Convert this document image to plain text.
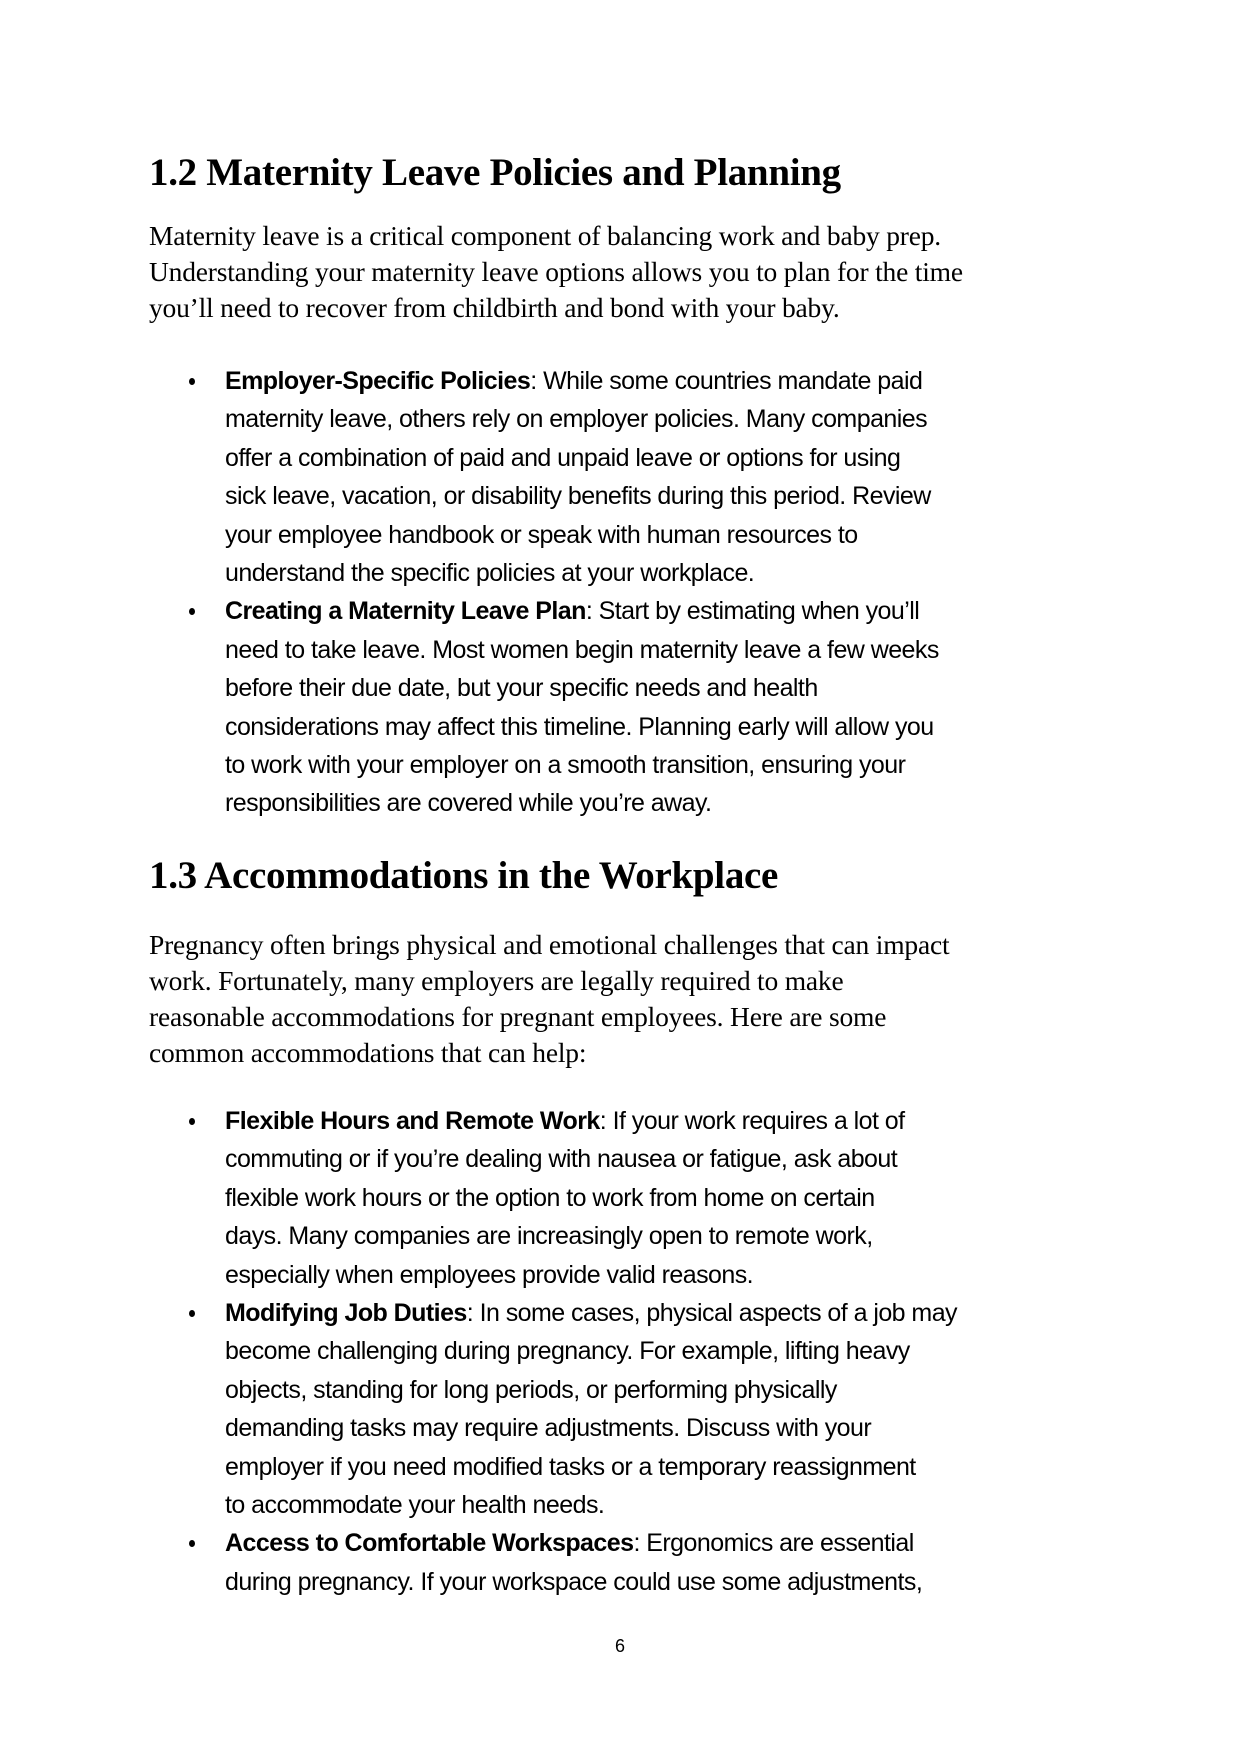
1.2 Maternity Leave Policies and Planning

Maternity leave is a critical component of balancing work and baby prep.
Understanding your maternity leave options allows you to plan for the time
you’ll need to recover from childbirth and bond with your baby.

Employer-Specific Policies: While some countries mandate paid
maternity leave, others rely on employer policies. Many companies
offer a combination of paid and unpaid leave or options for using
sick leave, vacation, or disability benefits during this period. Review
your employee handbook or speak with human resources to
understand the specific policies at your workplace.
Creating a Maternity Leave Plan: Start by estimating when you’ll
need to take leave. Most women begin maternity leave a few weeks
before their due date, but your specific needs and health
considerations may affect this timeline. Planning early will allow you
to work with your employer on a smooth transition, ensuring your
responsibilities are covered while you’re away.
1.3 Accommodations in the Workplace

Pregnancy often brings physical and emotional challenges that can impact
work. Fortunately, many employers are legally required to make
reasonable accommodations for pregnant employees. Here are some
common accommodations that can help:

Flexible Hours and Remote Work: If your work requires a lot of
commuting or if you’re dealing with nausea or fatigue, ask about
flexible work hours or the option to work from home on certain
days. Many companies are increasingly open to remote work,
especially when employees provide valid reasons.
Modifying Job Duties: In some cases, physical aspects of a job may
become challenging during pregnancy. For example, lifting heavy
objects, standing for long periods, or performing physically
demanding tasks may require adjustments. Discuss with your
employer if you need modified tasks or a temporary reassignment
to accommodate your health needs.
Access to Comfortable Workspaces: Ergonomics are essential
during pregnancy. If your workspace could use some adjustments,
6
